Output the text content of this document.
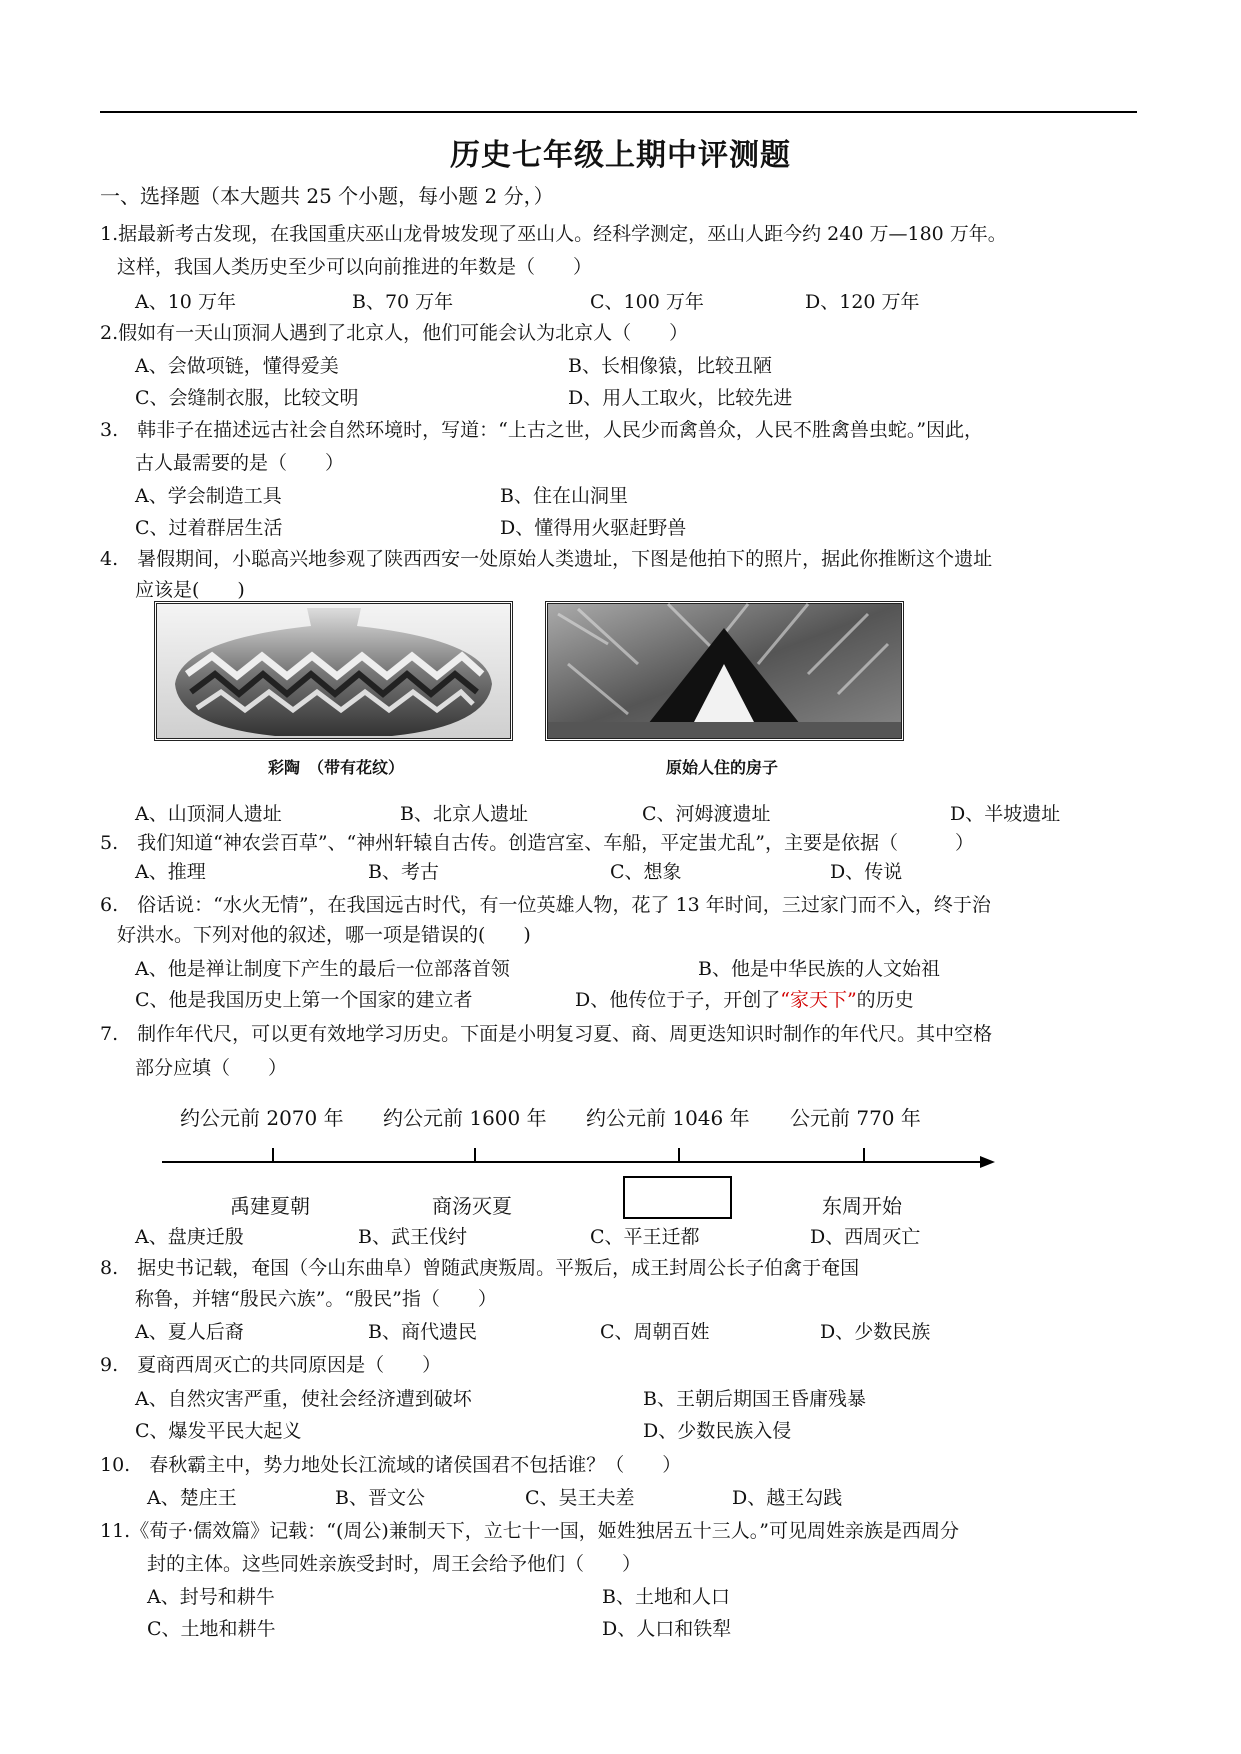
历史七年级上期中评测题
一、选择题（本大题共 25 个小题，每小题 2 分，）
1.据最新考古发现，在我国重庆巫山龙骨坡发现了巫山人。经科学测定，巫山人距今约 240 万—180 万年。
这样，我国人类历史至少可以向前推进的年数是（　　）
A、10 万年	B、70 万年	C、100 万年	D、120 万年
2.假如有一天山顶洞人遇到了北京人，他们可能会认为北京人（　　）
A、会做项链，懂得爱美	B、长相像猿，比较丑陋
C、会缝制衣服，比较文明	D、用人工取火，比较先进
3.　韩非子在描述远古社会自然环境时，写道：“上古之世，人民少而禽兽众，人民不胜禽兽虫蛇。”因此，
古人最需要的是（　　）
A、学会制造工具	B、住在山洞里
C、过着群居生活	D、懂得用火驱赶野兽
4.　暑假期间，小聪高兴地参观了陕西西安一处原始人类遗址，下图是他拍下的照片，据此你推断这个遗址
应该是(　　)
彩陶　（带有花纹）	原始人住的房子
A、山顶洞人遗址	B、北京人遗址	C、河姆渡遗址	D、半坡遗址
5.　我们知道“神农尝百草”、“神州轩辕自古传。创造宫室、车船，平定蚩尤乱”，主要是依据（　　　）
A、推理	B、考古	C、想象	D、传说
6.　俗话说：“水火无情”，在我国远古时代，有一位英雄人物，花了 13 年时间，三过家门而不入，终于治
好洪水。下列对他的叙述，哪一项是错误的(　　)
A、他是禅让制度下产生的最后一位部落首领	B、他是中华民族的人文始祖
C、他是我国历史上第一个国家的建立者	D、他传位于子，开创了“家天下”的历史
7.　制作年代尺，可以更有效地学习历史。下面是小明复习夏、商、周更迭知识时制作的年代尺。其中空格
部分应填（　　）
约公元前 2070 年 约公元前 1600 年 约公元前 1046 年 公元前 770 年
禹建夏朝	商汤灭夏	东周开始
A、盘庚迁殷	B、武王伐纣	C、平王迁都	D、西周灭亡
8.　据史书记载，奄国（今山东曲阜）曾随武庚叛周。平叛后，成王封周公长子伯禽于奄国
称鲁，并辖“殷民六族”。“殷民”指（　　）
A、夏人后裔	B、商代遗民	C、周朝百姓	D、少数民族
9.　夏商西周灭亡的共同原因是（　　）
A、自然灾害严重，使社会经济遭到破坏	B、王朝后期国王昏庸残暴
C、爆发平民大起义	D、少数民族入侵
10.　春秋霸主中，势力地处长江流域的诸侯国君不包括谁？（　　）
A、楚庄王	B、晋文公	C、吴王夫差	D、越王勾践
11.《荀子·儒效篇》记载：“(周公)兼制天下，立七十一国，姬姓独居五十三人。”可见周姓亲族是西周分
封的主体。这些同姓亲族受封时，周王会给予他们（　　）
A、封号和耕牛	B、土地和人口
C、土地和耕牛	D、人口和铁犁
